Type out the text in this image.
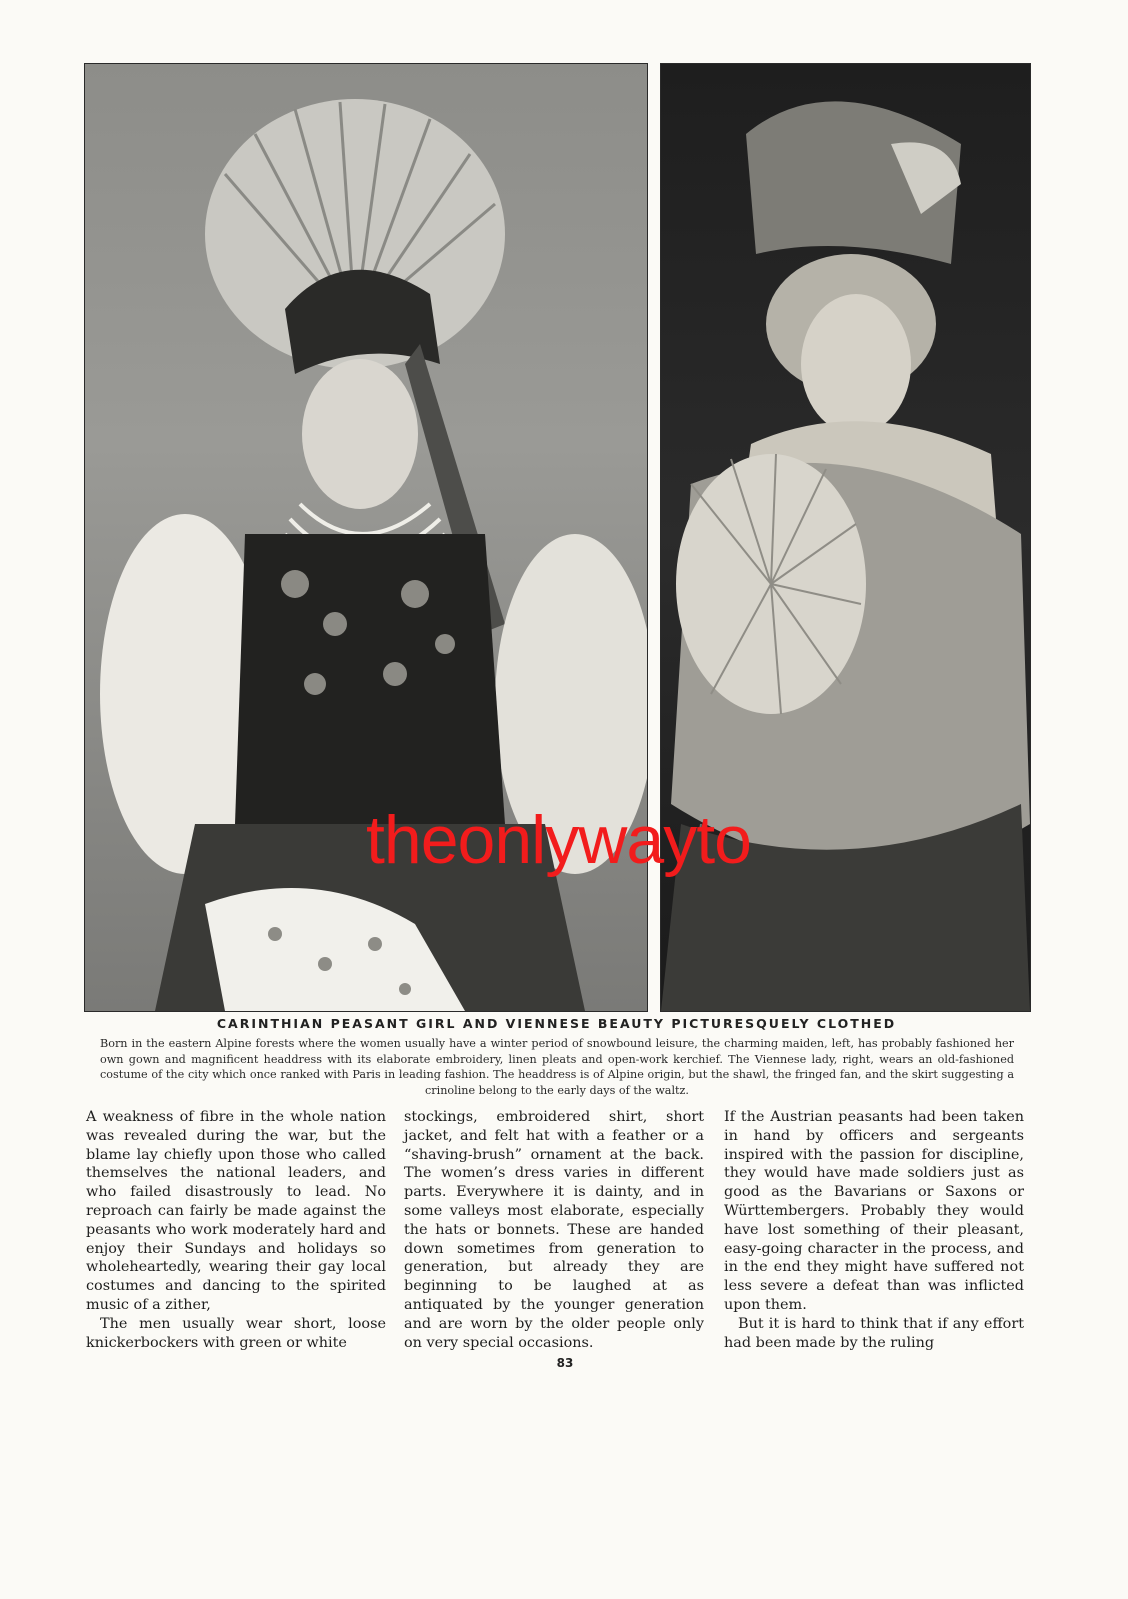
theonlywayto
CARINTHIAN PEASANT GIRL AND VIENNESE BEAUTY PICTURESQUELY CLOTHED
Born in the eastern Alpine forests where the women usually have a winter period of snowbound leisure, the charming maiden, left, has probably fashioned her own gown and magnificent headdress with its elaborate embroidery, linen pleats and open-work kerchief. The Viennese lady, right, wears an old-fashioned costume of the city which once ranked with Paris in leading fashion. The headdress is of Alpine origin, but the shawl, the fringed fan, and the skirt suggesting a crinoline belong to the early days of the waltz.

A weakness of fibre in the whole nation was revealed during the war, but the blame lay chiefly upon those who called themselves the national leaders, and who failed disastrously to lead. No reproach can fairly be made against the peasants who work moderately hard and enjoy their Sundays and holidays so wholeheartedly, wearing their gay local costumes and dancing to the spirited music of a zither,

The men usually wear short, loose knickerbockers with green or white

stockings, embroidered shirt, short jacket, and felt hat with a feather or a “shaving-brush” ornament at the back. The women’s dress varies in different parts. Everywhere it is dainty, and in some valleys most elaborate, especially the hats or bonnets. These are handed down sometimes from generation to generation, but already they are beginning to be laughed at as antiquated by the younger generation and are worn by the older people only on very special occasions.

If the Austrian peasants had been taken in hand by officers and sergeants inspired with the passion for discipline, they would have made soldiers just as good as the Bavarians or Saxons or Württembergers. Probably they would have lost something of their pleasant, easy-going character in the process, and in the end they might have suffered not less severe a defeat than was inflicted upon them.

But it is hard to think that if any effort had been made by the ruling

83
